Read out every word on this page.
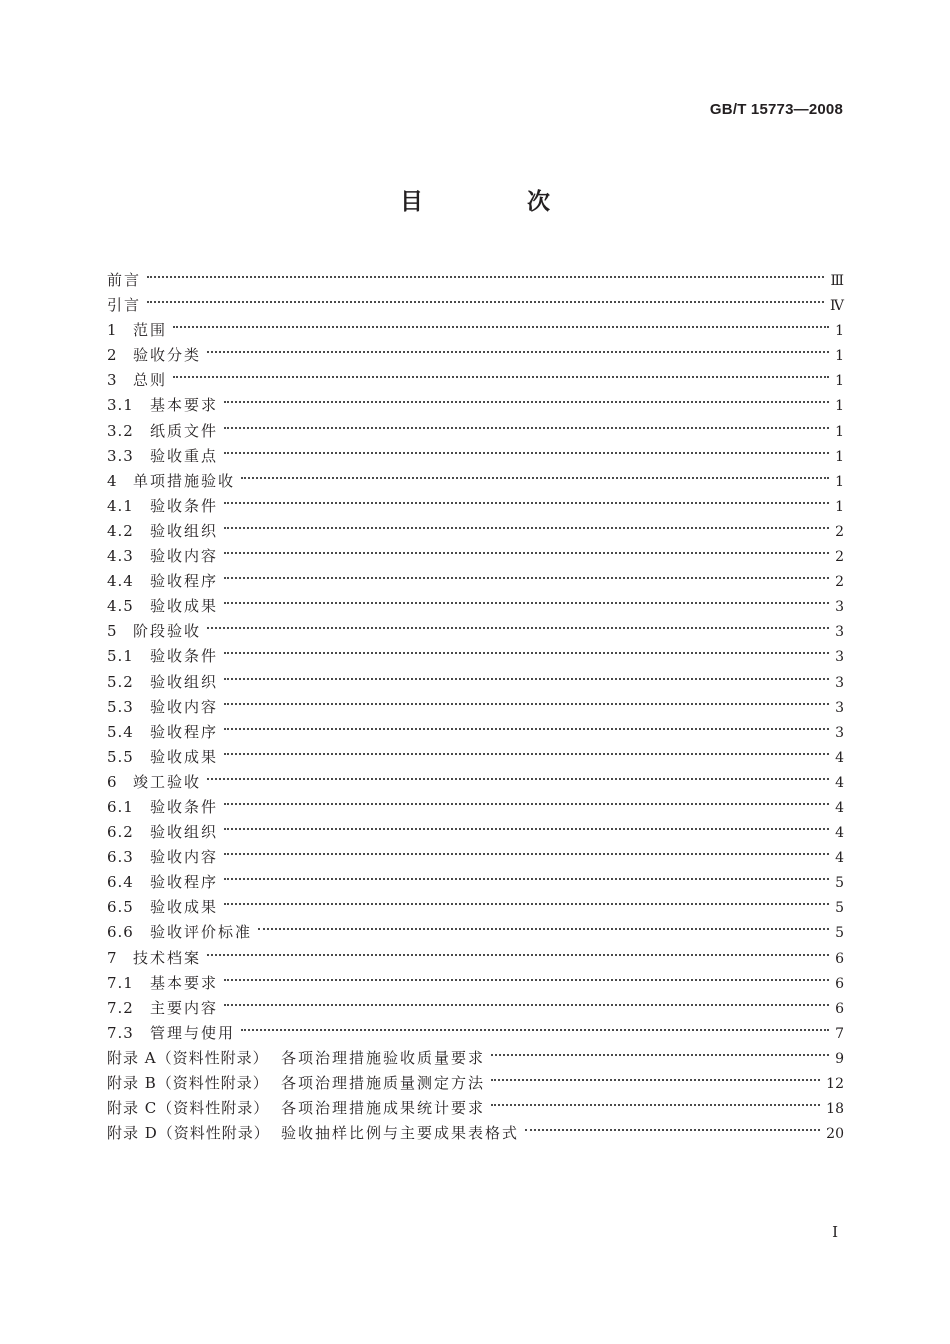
GB/T 15773—2008
目 次
前言	Ⅲ
引言	Ⅳ
1	范围	1
2	验收分类	1
3	总则	1
3.1	基本要求	1
3.2	纸质文件	1
3.3	验收重点	1
4	单项措施验收	1
4.1	验收条件	1
4.2	验收组织	2
4.3	验收内容	2
4.4	验收程序	2
4.5	验收成果	3
5	阶段验收	3
5.1	验收条件	3
5.2	验收组织	3
5.3	验收内容	3
5.4	验收程序	3
5.5	验收成果	4
6	竣工验收	4
6.1	验收条件	4
6.2	验收组织	4
6.3	验收内容	4
6.4	验收程序	5
6.5	验收成果	5
6.6	验收评价标准	5
7	技术档案	6
7.1	基本要求	6
7.2	主要内容	6
7.3	管理与使用	7
附录 A（资料性附录） 各项治理措施验收质量要求	9
附录 B（资料性附录） 各项治理措施质量测定方法	12
附录 C（资料性附录） 各项治理措施成果统计要求	18
附录 D（资料性附录） 验收抽样比例与主要成果表格式	20
I
